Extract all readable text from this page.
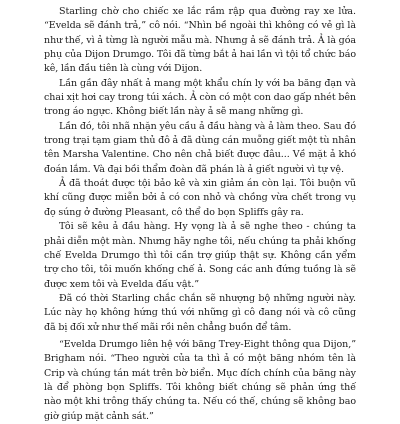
Starling chờ cho chiếc xe lắc rầm rập qua đường ray xe lửa. “Evelda sẽ đánh trả,” cô nói. “Nhìn bề ngoài thì không có vẻ gì là như thế, vì ả từng là người mẫu mà. Nhưng ả sẽ đánh trả. Ả là góa phụ của Dijon Drumgo. Tôi đã từng bắt ả hai lần vì tội tổ chức báo kê, lần đầu tiên là cùng với Dijon.

Lần gần đây nhất ả mang một khẩu chín ly với ba băng đạn và chai xịt hơi cay trong túi xách. Ả còn có một con dao gấp nhét bên trong áo ngực. Không biết lần này ả sẽ mang những gì.

Lần đó, tôi nhã nhặn yêu cầu ả đầu hàng và ả làm theo. Sau đó trong trại tạm giam thủ đô ả đã dùng cán muỗng giết một tù nhân tên Marsha Valentine. Cho nên chả biết được đâu... Về mặt ả khó đoán lắm. Và đại bồi thẩm đoàn đã phán là ả giết người vì tự vệ.

Ả đã thoát được tội bảo kê và xin giảm án còn lại. Tôi buộn vũ khí cũng được miễn bởi ả có con nhỏ và chồng vừa chết trong vụ đọ súng ở đường Pleasant, cô thể do bọn Spliffs gây ra.

Tôi sẽ kêu ả đầu hàng. Hy vọng là ả sẽ nghe theo - chúng ta phải diễn một màn. Nhưng hãy nghe tôi, nếu chúng ta phải khống chế Evelda Drumgo thì tôi cần trợ giúp thật sự. Không cần yểm trợ cho tôi, tôi muốn khống chế ả. Song các anh đứng tuồng là sẽ được xem tôi và Evelda đấu vật.”

Đã có thời Starling chắc chắn sẽ nhượng bộ những người này. Lúc này họ không hứng thú với những gì cô đang nói và cô cũng đã bị đối xử như thế mãi rồi nên chẳng buồn để tâm.

“Evelda Drumgo liên hệ với băng Trey-Eight thông qua Dijon,” Brigham nói. “Theo người của ta thì ả có một băng nhóm tên là Crip và chúng tán mát trên bờ biển. Mục đích chính của băng này là để phòng bọn Spliffs. Tôi không biết chúng sẽ phản ứng thế nào một khi trông thấy chúng ta. Nếu có thế, chúng sẽ không bao giờ giúp mặt cảnh sát.”
